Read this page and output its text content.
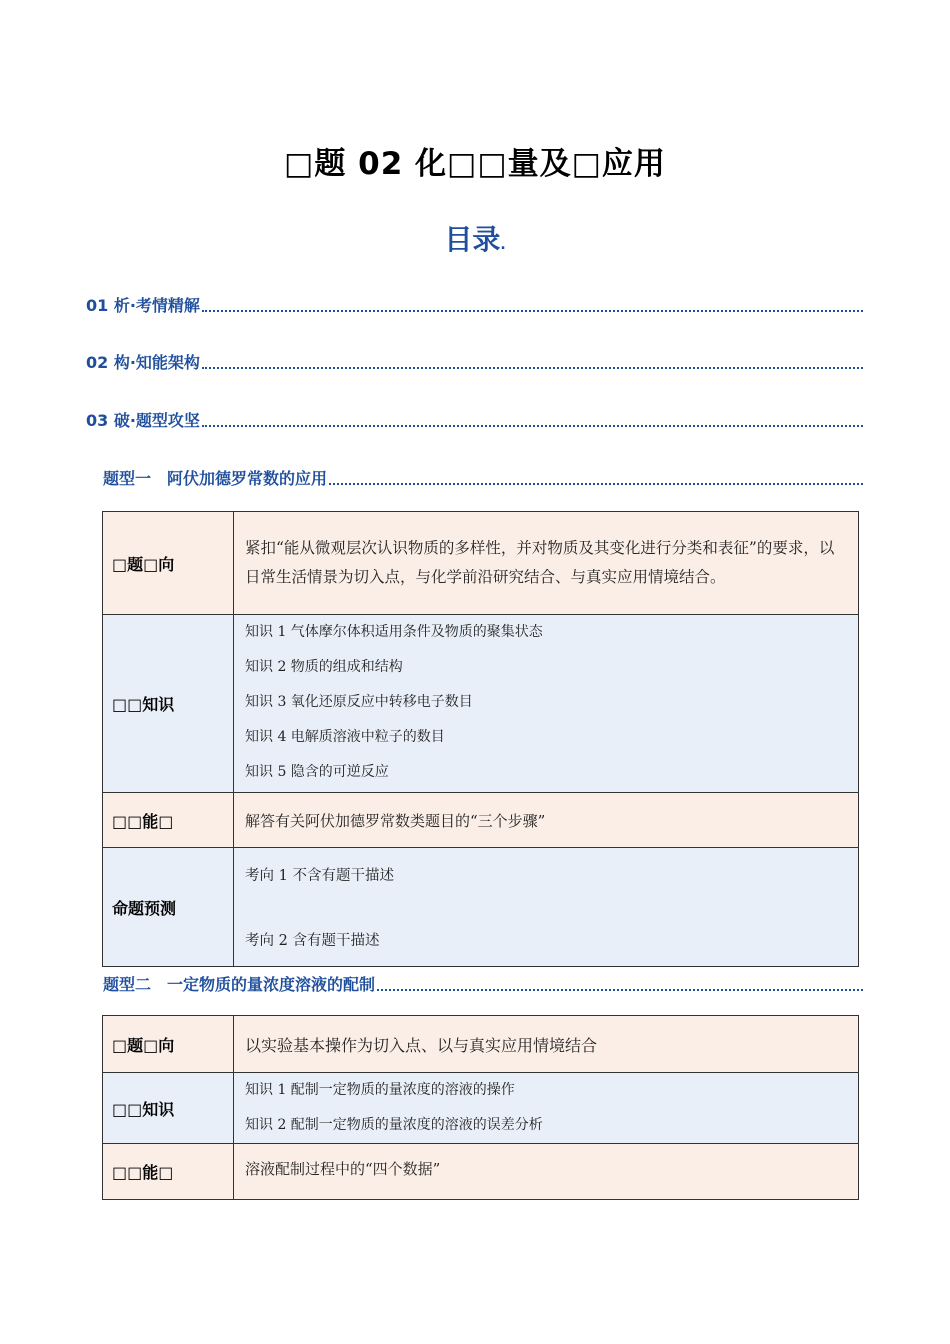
□题 02 化□□量及□应用
目录.
01 析·考情精解
02 构·知能架构
03 破·题型攻坚
题型一　阿伏加德罗常数的应用
□题□向	紧扣“能从微观层次认识物质的多样性，并对物质及其变化进行分类和表征”的要求，以日常生活情景为切入点，与化学前沿研究结合、与真实应用情境结合。

□□知识	知识 1 气体摩尔体积适用条件及物质的聚集状态
知识 2 物质的组成和结构
知识 3 氧化还原反应中转移电子数目
知识 4 电解质溶液中粒子的数目
知识 5 隐含的可逆反应

□□能□	解答有关阿伏加德罗常数类题目的“三个步骤”
命题预测	考向 1 不含有题干描述
考向 2 含有题干描述
题型二　一定物质的量浓度溶液的配制
□题□向	以实验基本操作为切入点、以与真实应用情境结合
□□知识	知识 1 配制一定物质的量浓度的溶液的操作
知识 2 配制一定物质的量浓度的溶液的误差分析

□□能□	溶液配制过程中的“四个数据”
